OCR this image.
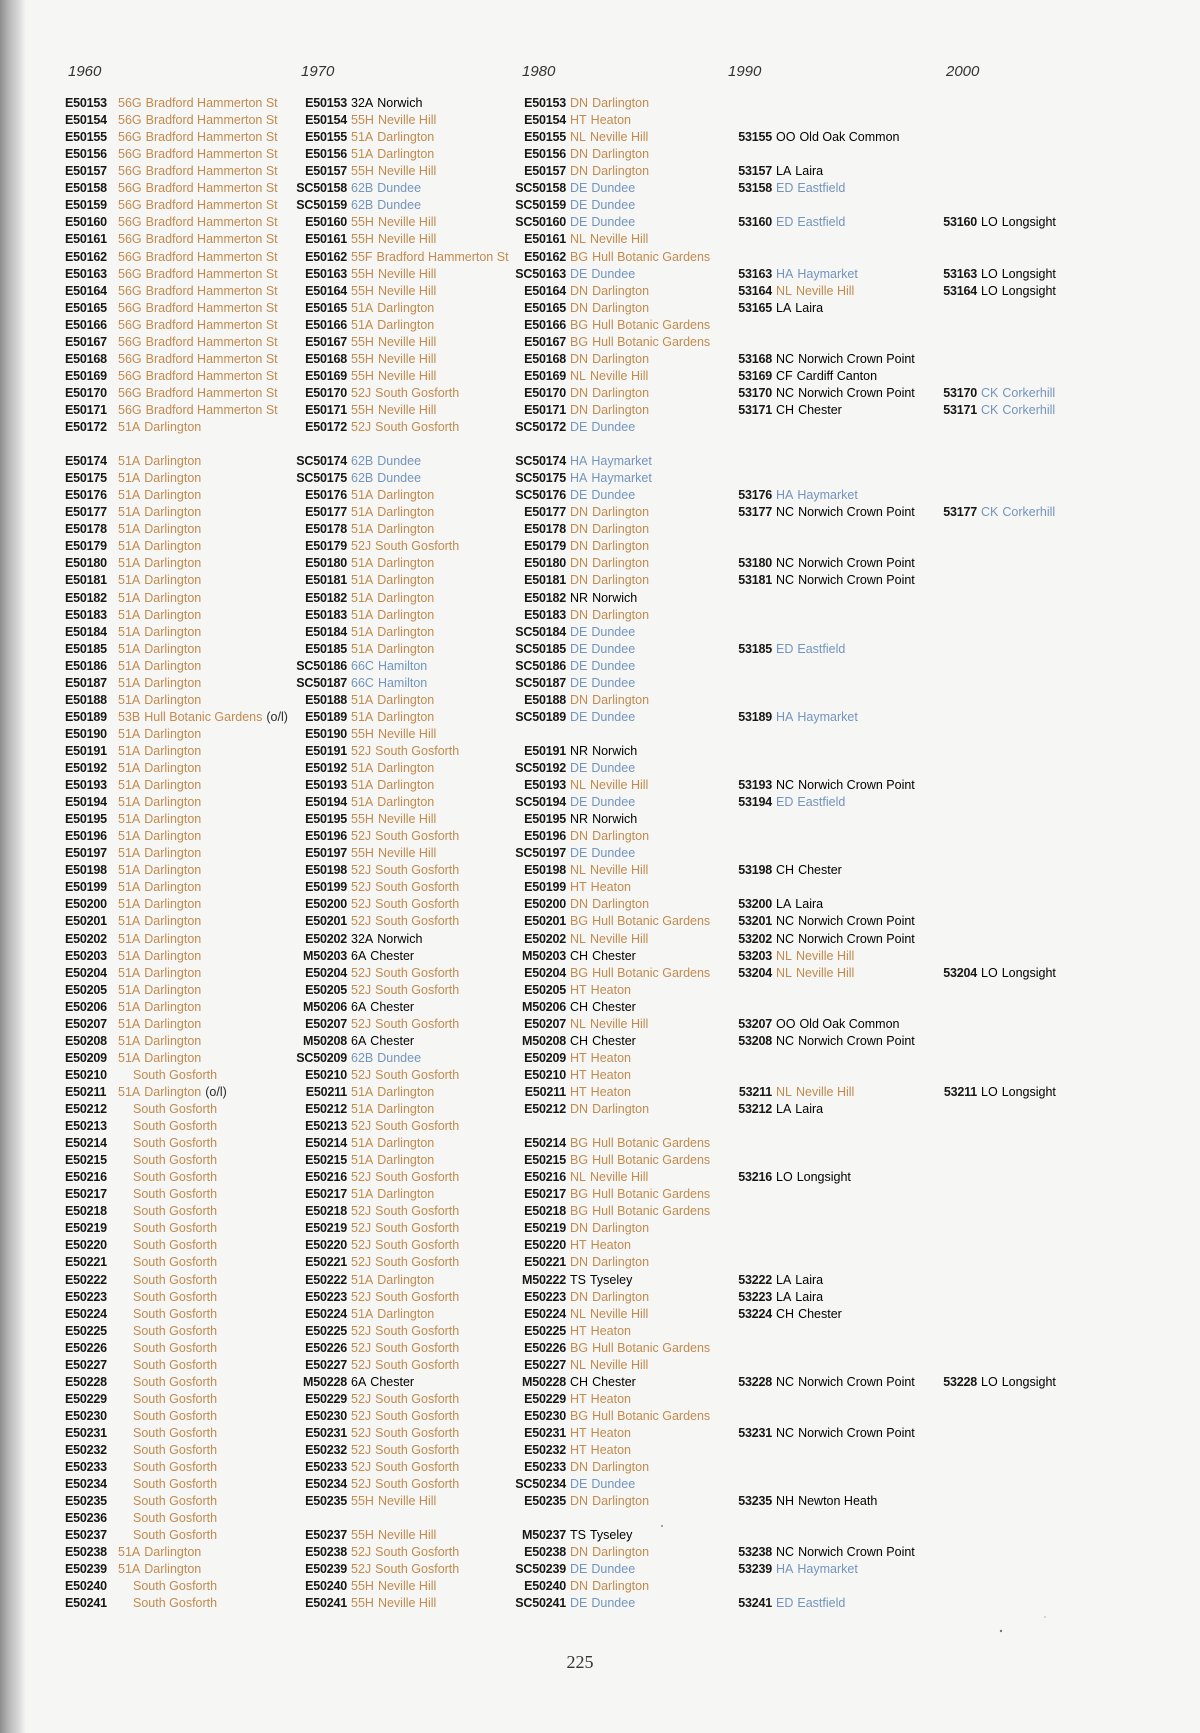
1960	1970	1980	1990	2000
E50153 56G Bradford Hammerton St	E50153 32A Norwich	E50153 DN Darlington
E50154 56G Bradford Hammerton St	E50154 55H Neville Hill	E50154 HT Heaton
E50155 56G Bradford Hammerton St	E50155 51A Darlington	E50155 NL Neville Hill	53155 OO Old Oak Common
E50156 56G Bradford Hammerton St	E50156 51A Darlington	E50156 DN Darlington
E50157 56G Bradford Hammerton St	E50157 55H Neville Hill	E50157 DN Darlington	53157 LA Laira
E50158 56G Bradford Hammerton St	SC50158 62B Dundee	SC50158 DE Dundee	53158 ED Eastfield
E50159 56G Bradford Hammerton St	SC50159 62B Dundee	SC50159 DE Dundee
E50160 56G Bradford Hammerton St	E50160 55H Neville Hill	SC50160 DE Dundee	53160 ED Eastfield	53160 LO Longsight
E50161 56G Bradford Hammerton St	E50161 55H Neville Hill	E50161 NL Neville Hill
E50162 56G Bradford Hammerton St	E50162 55F Bradford Hammerton St	E50162 BG Hull Botanic Gardens
E50163 56G Bradford Hammerton St	E50163 55H Neville Hill	SC50163 DE Dundee	53163 HA Haymarket	53163 LO Longsight
E50164 56G Bradford Hammerton St	E50164 55H Neville Hill	E50164 DN Darlington	53164 NL Neville Hill	53164 LO Longsight
E50165 56G Bradford Hammerton St	E50165 51A Darlington	E50165 DN Darlington	53165 LA Laira
E50166 56G Bradford Hammerton St	E50166 51A Darlington	E50166 BG Hull Botanic Gardens
E50167 56G Bradford Hammerton St	E50167 55H Neville Hill	E50167 BG Hull Botanic Gardens
E50168 56G Bradford Hammerton St	E50168 55H Neville Hill	E50168 DN Darlington	53168 NC Norwich Crown Point
E50169 56G Bradford Hammerton St	E50169 55H Neville Hill	E50169 NL Neville Hill	53169 CF Cardiff Canton
E50170 56G Bradford Hammerton St	E50170 52J South Gosforth	E50170 DN Darlington	53170 NC Norwich Crown Point	53170 CK Corkerhill
E50171 56G Bradford Hammerton St	E50171 55H Neville Hill	E50171 DN Darlington	53171 CH Chester	53171 CK Corkerhill
E50172 51A Darlington	E50172 52J South Gosforth	SC50172 DE Dundee
E50174 51A Darlington	SC50174 62B Dundee	SC50174 HA Haymarket
E50175 51A Darlington	SC50175 62B Dundee	SC50175 HA Haymarket
E50176 51A Darlington	E50176 51A Darlington	SC50176 DE Dundee	53176 HA Haymarket
E50177 51A Darlington	E50177 51A Darlington	E50177 DN Darlington	53177 NC Norwich Crown Point	53177 CK Corkerhill
E50178 51A Darlington	E50178 51A Darlington	E50178 DN Darlington
E50179 51A Darlington	E50179 52J South Gosforth	E50179 DN Darlington
E50180 51A Darlington	E50180 51A Darlington	E50180 DN Darlington	53180 NC Norwich Crown Point
E50181 51A Darlington	E50181 51A Darlington	E50181 DN Darlington	53181 NC Norwich Crown Point
E50182 51A Darlington	E50182 51A Darlington	E50182 NR Norwich
E50183 51A Darlington	E50183 51A Darlington	E50183 DN Darlington
E50184 51A Darlington	E50184 51A Darlington	SC50184 DE Dundee
E50185 51A Darlington	E50185 51A Darlington	SC50185 DE Dundee	53185 ED Eastfield
E50186 51A Darlington	SC50186 66C Hamilton	SC50186 DE Dundee
E50187 51A Darlington	SC50187 66C Hamilton	SC50187 DE Dundee
E50188 51A Darlington	E50188 51A Darlington	E50188 DN Darlington
E50189 53B Hull Botanic Gardens (o/l)	E50189 51A Darlington	SC50189 DE Dundee	53189 HA Haymarket
E50190 51A Darlington	E50190 55H Neville Hill
E50191 51A Darlington	E50191 52J South Gosforth	E50191 NR Norwich
E50192 51A Darlington	E50192 51A Darlington	SC50192 DE Dundee
E50193 51A Darlington	E50193 51A Darlington	E50193 NL Neville Hill	53193 NC Norwich Crown Point
E50194 51A Darlington	E50194 51A Darlington	SC50194 DE Dundee	53194 ED Eastfield
E50195 51A Darlington	E50195 55H Neville Hill	E50195 NR Norwich
E50196 51A Darlington	E50196 52J South Gosforth	E50196 DN Darlington
E50197 51A Darlington	E50197 55H Neville Hill	SC50197 DE Dundee
E50198 51A Darlington	E50198 52J South Gosforth	E50198 NL Neville Hill	53198 CH Chester
E50199 51A Darlington	E50199 52J South Gosforth	E50199 HT Heaton
E50200 51A Darlington	E50200 52J South Gosforth	E50200 DN Darlington	53200 LA Laira
E50201 51A Darlington	E50201 52J South Gosforth	E50201 BG Hull Botanic Gardens	53201 NC Norwich Crown Point
E50202 51A Darlington	E50202 32A Norwich	E50202 NL Neville Hill	53202 NC Norwich Crown Point
E50203 51A Darlington	M50203 6A Chester	M50203 CH Chester	53203 NL Neville Hill
E50204 51A Darlington	E50204 52J South Gosforth	E50204 BG Hull Botanic Gardens	53204 NL Neville Hill	53204 LO Longsight
E50205 51A Darlington	E50205 52J South Gosforth	E50205 HT Heaton
E50206 51A Darlington	M50206 6A Chester	M50206 CH Chester
E50207 51A Darlington	E50207 52J South Gosforth	E50207 NL Neville Hill	53207 OO Old Oak Common
E50208 51A Darlington	M50208 6A Chester	M50208 CH Chester	53208 NC Norwich Crown Point
E50209 51A Darlington	SC50209 62B Dundee	E50209 HT Heaton
E50210 South Gosforth	E50210 52J South Gosforth	E50210 HT Heaton
E50211 51A Darlington (o/l)	E50211 51A Darlington	E50211 HT Heaton	53211 NL Neville Hill	53211 LO Longsight
E50212 South Gosforth	E50212 51A Darlington	E50212 DN Darlington	53212 LA Laira
E50213 South Gosforth	E50213 52J South Gosforth
E50214 South Gosforth	E50214 51A Darlington	E50214 BG Hull Botanic Gardens
E50215 South Gosforth	E50215 51A Darlington	E50215 BG Hull Botanic Gardens
E50216 South Gosforth	E50216 52J South Gosforth	E50216 NL Neville Hill	53216 LO Longsight
E50217 South Gosforth	E50217 51A Darlington	E50217 BG Hull Botanic Gardens
E50218 South Gosforth	E50218 52J South Gosforth	E50218 BG Hull Botanic Gardens
E50219 South Gosforth	E50219 52J South Gosforth	E50219 DN Darlington
E50220 South Gosforth	E50220 52J South Gosforth	E50220 HT Heaton
E50221 South Gosforth	E50221 52J South Gosforth	E50221 DN Darlington
E50222 South Gosforth	E50222 51A Darlington	M50222 TS Tyseley	53222 LA Laira
E50223 South Gosforth	E50223 52J South Gosforth	E50223 DN Darlington	53223 LA Laira
E50224 South Gosforth	E50224 51A Darlington	E50224 NL Neville Hill	53224 CH Chester
E50225 South Gosforth	E50225 52J South Gosforth	E50225 HT Heaton
E50226 South Gosforth	E50226 52J South Gosforth	E50226 BG Hull Botanic Gardens
E50227 South Gosforth	E50227 52J South Gosforth	E50227 NL Neville Hill
E50228 South Gosforth	M50228 6A Chester	M50228 CH Chester	53228 NC Norwich Crown Point	53228 LO Longsight
E50229 South Gosforth	E50229 52J South Gosforth	E50229 HT Heaton
E50230 South Gosforth	E50230 52J South Gosforth	E50230 BG Hull Botanic Gardens
E50231 South Gosforth	E50231 52J South Gosforth	E50231 HT Heaton	53231 NC Norwich Crown Point
E50232 South Gosforth	E50232 52J South Gosforth	E50232 HT Heaton
E50233 South Gosforth	E50233 52J South Gosforth	E50233 DN Darlington
E50234 South Gosforth	E50234 52J South Gosforth	SC50234 DE Dundee
E50235 South Gosforth	E50235 55H Neville Hill	E50235 DN Darlington	53235 NH Newton Heath
E50236 South Gosforth
E50237 South Gosforth	E50237 55H Neville Hill	M50237 TS Tyseley
E50238 51A Darlington	E50238 52J South Gosforth	E50238 DN Darlington	53238 NC Norwich Crown Point
E50239 51A Darlington	E50239 52J South Gosforth	SC50239 DE Dundee	53239 HA Haymarket
E50240 South Gosforth	E50240 55H Neville Hill	E50240 DN Darlington
E50241 South Gosforth	E50241 55H Neville Hill	SC50241 DE Dundee	53241 ED Eastfield
225
